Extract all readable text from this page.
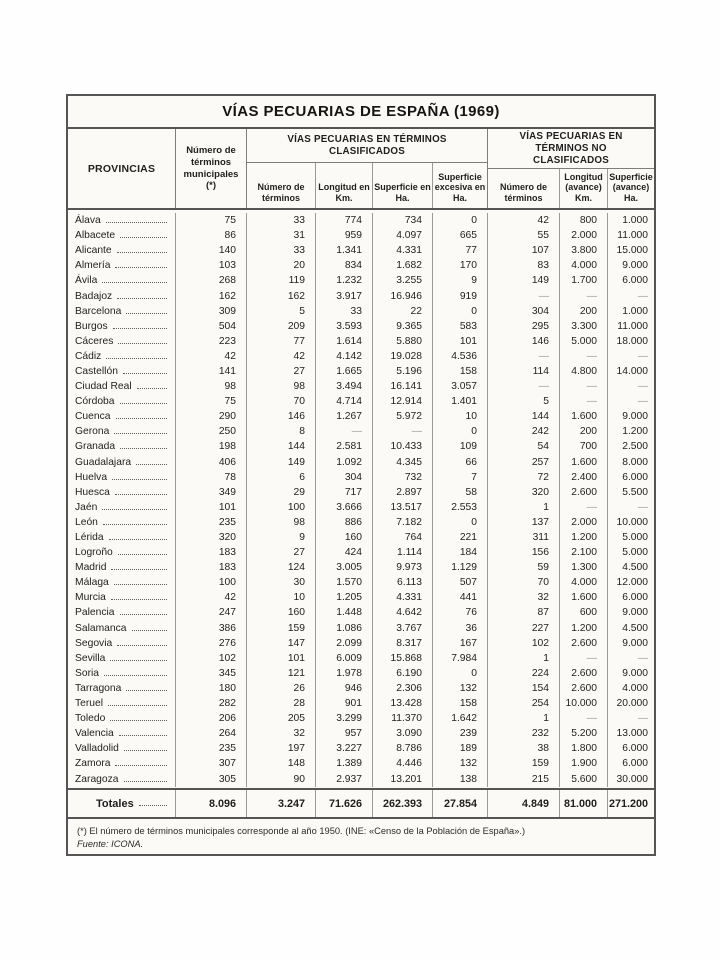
VÍAS PECUARIAS DE ESPAÑA (1969)
PROVINCIAS
Número de términos municipales (*)
VÍAS PECUARIAS EN TÉRMINOS CLASIFICADOS
Número de términos
Longitud en Km.
Superficie en Ha.
Superficie excesiva en Ha.
VÍAS PECUARIAS EN TÉRMINOS NO CLASIFICADOS
Número de términos
Longitud (avance) Km.
Superficie (avance) Ha.
Álava	75	33	774	734	0	42	800	1.000
Albacete	86	31	959	4.097	665	55	2.000	11.000
Alicante	140	33	1.341	4.331	77	107	3.800	15.000
Almería	103	20	834	1.682	170	83	4.000	9.000
Ávila	268	119	1.232	3.255	9	149	1.700	6.000
Badajoz	162	162	3.917	16.946	919	—	—	—
Barcelona	309	5	33	22	0	304	200	1.000
Burgos	504	209	3.593	9.365	583	295	3.300	11.000
Cáceres	223	77	1.614	5.880	101	146	5.000	18.000
Cádiz	42	42	4.142	19.028	4.536	—	—	—
Castellón	141	27	1.665	5.196	158	114	4.800	14.000
Ciudad Real	98	98	3.494	16.141	3.057	—	—	—
Córdoba	75	70	4.714	12.914	1.401	5	—	—
Cuenca	290	146	1.267	5.972	10	144	1.600	9.000
Gerona	250	8	—	—	0	242	200	1.200
Granada	198	144	2.581	10.433	109	54	700	2.500
Guadalajara	406	149	1.092	4.345	66	257	1.600	8.000
Huelva	78	6	304	732	7	72	2.400	6.000
Huesca	349	29	717	2.897	58	320	2.600	5.500
Jaén	101	100	3.666	13.517	2.553	1	—	—
León	235	98	886	7.182	0	137	2.000	10.000
Lérida	320	9	160	764	221	311	1.200	5.000
Logroño	183	27	424	1.114	184	156	2.100	5.000
Madrid	183	124	3.005	9.973	1.129	59	1.300	4.500
Málaga	100	30	1.570	6.113	507	70	4.000	12.000
Murcia	42	10	1.205	4.331	441	32	1.600	6.000
Palencia	247	160	1.448	4.642	76	87	600	9.000
Salamanca	386	159	1.086	3.767	36	227	1.200	4.500
Segovia	276	147	2.099	8.317	167	102	2.600	9.000
Sevilla	102	101	6.009	15.868	7.984	1	—	—
Soria	345	121	1.978	6.190	0	224	2.600	9.000
Tarragona	180	26	946	2.306	132	154	2.600	4.000
Teruel	282	28	901	13.428	158	254	10.000	20.000
Toledo	206	205	3.299	11.370	1.642	1	—	—
Valencia	264	32	957	3.090	239	232	5.200	13.000
Valladolid	235	197	3.227	8.786	189	38	1.800	6.000
Zamora	307	148	1.389	4.446	132	159	1.900	6.000
Zaragoza	305	90	2.937	13.201	138	215	5.600	30.000
Totales	8.096	3.247	71.626	262.393	27.854	4.849	81.000	271.200
(*) El número de términos municipales corresponde al año 1950. (INE: «Censo de la Población de España».)
Fuente: ICONA.
